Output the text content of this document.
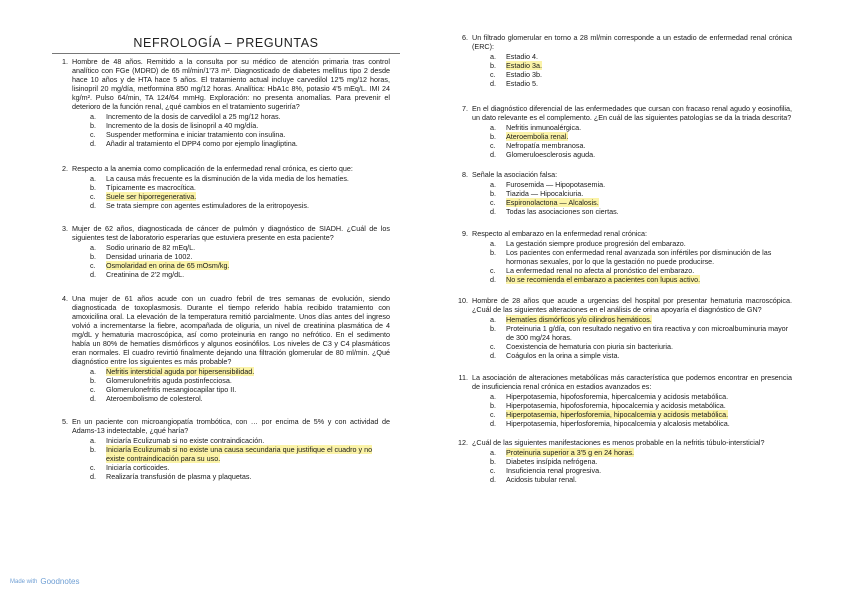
NEFROLOGÍA – PREGUNTAS
1. Hombre de 48 años. Remitido a la consulta por su médico de atención primaria tras control analítico con FGe (MDRD) de 65 ml/min/1'73 m². Diagnosticado de diabetes mellitus tipo 2 desde hace 10 años y de HTA hace 5 años. El tratamiento actual incluye carvedilol 12'5 mg/12 horas, lisinopril 20 mg/día, metformina 850 mg/12 horas. Analítica: HbA1c 8%, potasio 4'5 mEq/L. IMI 24 kg/m². Pulso 64/min, TA 124/64 mmHg. Exploración: no presenta anomalías. Para prevenir el deterioro de la función renal, ¿qué cambios en el tratamiento sugeriría?

a. Incremento de la dosis de carvedilol a 25 mg/12 horas.
b. Incremento de la dosis de lisinopril a 40 mg/día.
c. Suspender metformina e iniciar tratamiento con insulina.
d. Añadir al tratamiento el DPP4 como por ejemplo linagliptina.
2. Respecto a la anemia como complicación de la enfermedad renal crónica, es cierto que:

a. La causa más frecuente es la disminución de la vida media de los hematíes.
b. Típicamente es macrocítica.
c. Suele ser hiporregenerativa.
d. Se trata siempre con agentes estimuladores de la eritropoyesis.
3. Mujer de 62 años, diagnosticada de cáncer de pulmón y diagnóstico de SIADH. ¿Cuál de los siguientes test de laboratorio esperarías que estuviera presente en esta paciente?

a. Sodio urinario de 82 mEq/L.
b. Densidad urinaria de 1002.
c. Osmolaridad en orina de 65 mOsm/kg.
d. Creatinina de 2'2 mg/dL.
4. Una mujer de 61 años acude con un cuadro febril de tres semanas de evolución, siendo diagnosticada de toxoplasmosis. Durante el tiempo referido había recibido tratamiento con amoxicilina oral. La elevación de la temperatura remitió parcialmente. Unos días antes del ingreso volvió a incrementarse la fiebre, acompañada de oliguria, un nivel de creatinina plasmática de 4 mg/dL y hematuria macroscópica, así como proteinuria en rango no nefrótico. En el sedimento había un 80% de hematíes dismórficos y algunos eosinófilos. Los niveles de C3 y C4 plasmáticos eran normales. El cuadro revirtió finalmente dejando una filtración glomerular de 80 ml/min. ¿Qué diagnóstico entre los siguientes es más probable?

a. Nefritis intersticial aguda por hipersensibilidad.
b. Glomerulonefritis aguda postinfecciosa.
c. Glomerulonefritis mesangiocapilar tipo II.
d. Ateroembolismo de colesterol.
5. En un paciente con microangiopatía trombótica, con … por encima de 5% y con actividad de Adams-13 indetectable, ¿qué haría?

a. Iniciaría Eculizumab si no existe contraindicación.
b. Iniciaría Eculizumab si no existe una causa secundaria que justifique el cuadro y no existe contraindicación para su uso.
c. Iniciaría corticoides.
d. Realizaría transfusión de plasma y plaquetas.
6. Un filtrado glomerular en torno a 28 ml/min corresponde a un estadio de enfermedad renal crónica (ERC):

a. Estadio 4.
b. Estadio 3a.
c. Estadio 3b.
d. Estadio 5.
7. En el diagnóstico diferencial de las enfermedades que cursan con fracaso renal agudo y eosinofilia, un dato relevante es el complemento. ¿En cuál de las siguientes patologías se da la triada descrita?

a. Nefritis inmunoalérgica.
b. Ateroembolia renal.
c. Nefropatía membranosa.
d. Glomeruloesclerosis aguda.
8. Señale la asociación falsa:

a. Furosemida — Hipopotasemia.
b. Tiazida — Hipocalciuria.
c. Espironolactona — Alcalosis.
d. Todas las asociaciones son ciertas.
9. Respecto al embarazo en la enfermedad renal crónica:

a. La gestación siempre produce progresión del embarazo.
b. Los pacientes con enfermedad renal avanzada son infértiles por disminución de las hormonas sexuales, por lo que la gestación no puede producirse.
c. La enfermedad renal no afecta al pronóstico del embarazo.
d. No se recomienda el embarazo a pacientes con lupus activo.
10. Hombre de 28 años que acude a urgencias del hospital por presentar hematuria macroscópica. ¿Cuál de las siguientes alteraciones en el análisis de orina apoyaría el diagnóstico de GN?

a. Hematíes dismórficos y/o cilindros hemáticos.
b. Proteinuria 1 g/día, con resultado negativo en tira reactiva y con microalbuminuria mayor de 300 mg/24 horas.
c. Coexistencia de hematuria con piuria sin bacteriuria.
d. Coágulos en la orina a simple vista.
11. La asociación de alteraciones metabólicas más característica que podemos encontrar en presencia de insuficiencia renal crónica en estadios avanzados es:

a. Hiperpotasemia, hipofosforemia, hipercalcemia y acidosis metabólica.
b. Hiperpotasemia, hipofosforemia, hipocalcemia y acidosis metabólica.
c. Hiperpotasemia, hiperfosforemia, hipocalcemia y acidosis metabólica.
d. Hiperpotasemia, hiperfosforemia, hipocalcemia y alcalosis metabólica.
12. ¿Cuál de las siguientes manifestaciones es menos probable en la nefritis túbulo-intersticial?

a. Proteinuria superior a 3'5 g en 24 horas.
b. Diabetes insípida nefrógena.
c. Insuficiencia renal progresiva.
d. Acidosis tubular renal.
Made with Goodnotes
